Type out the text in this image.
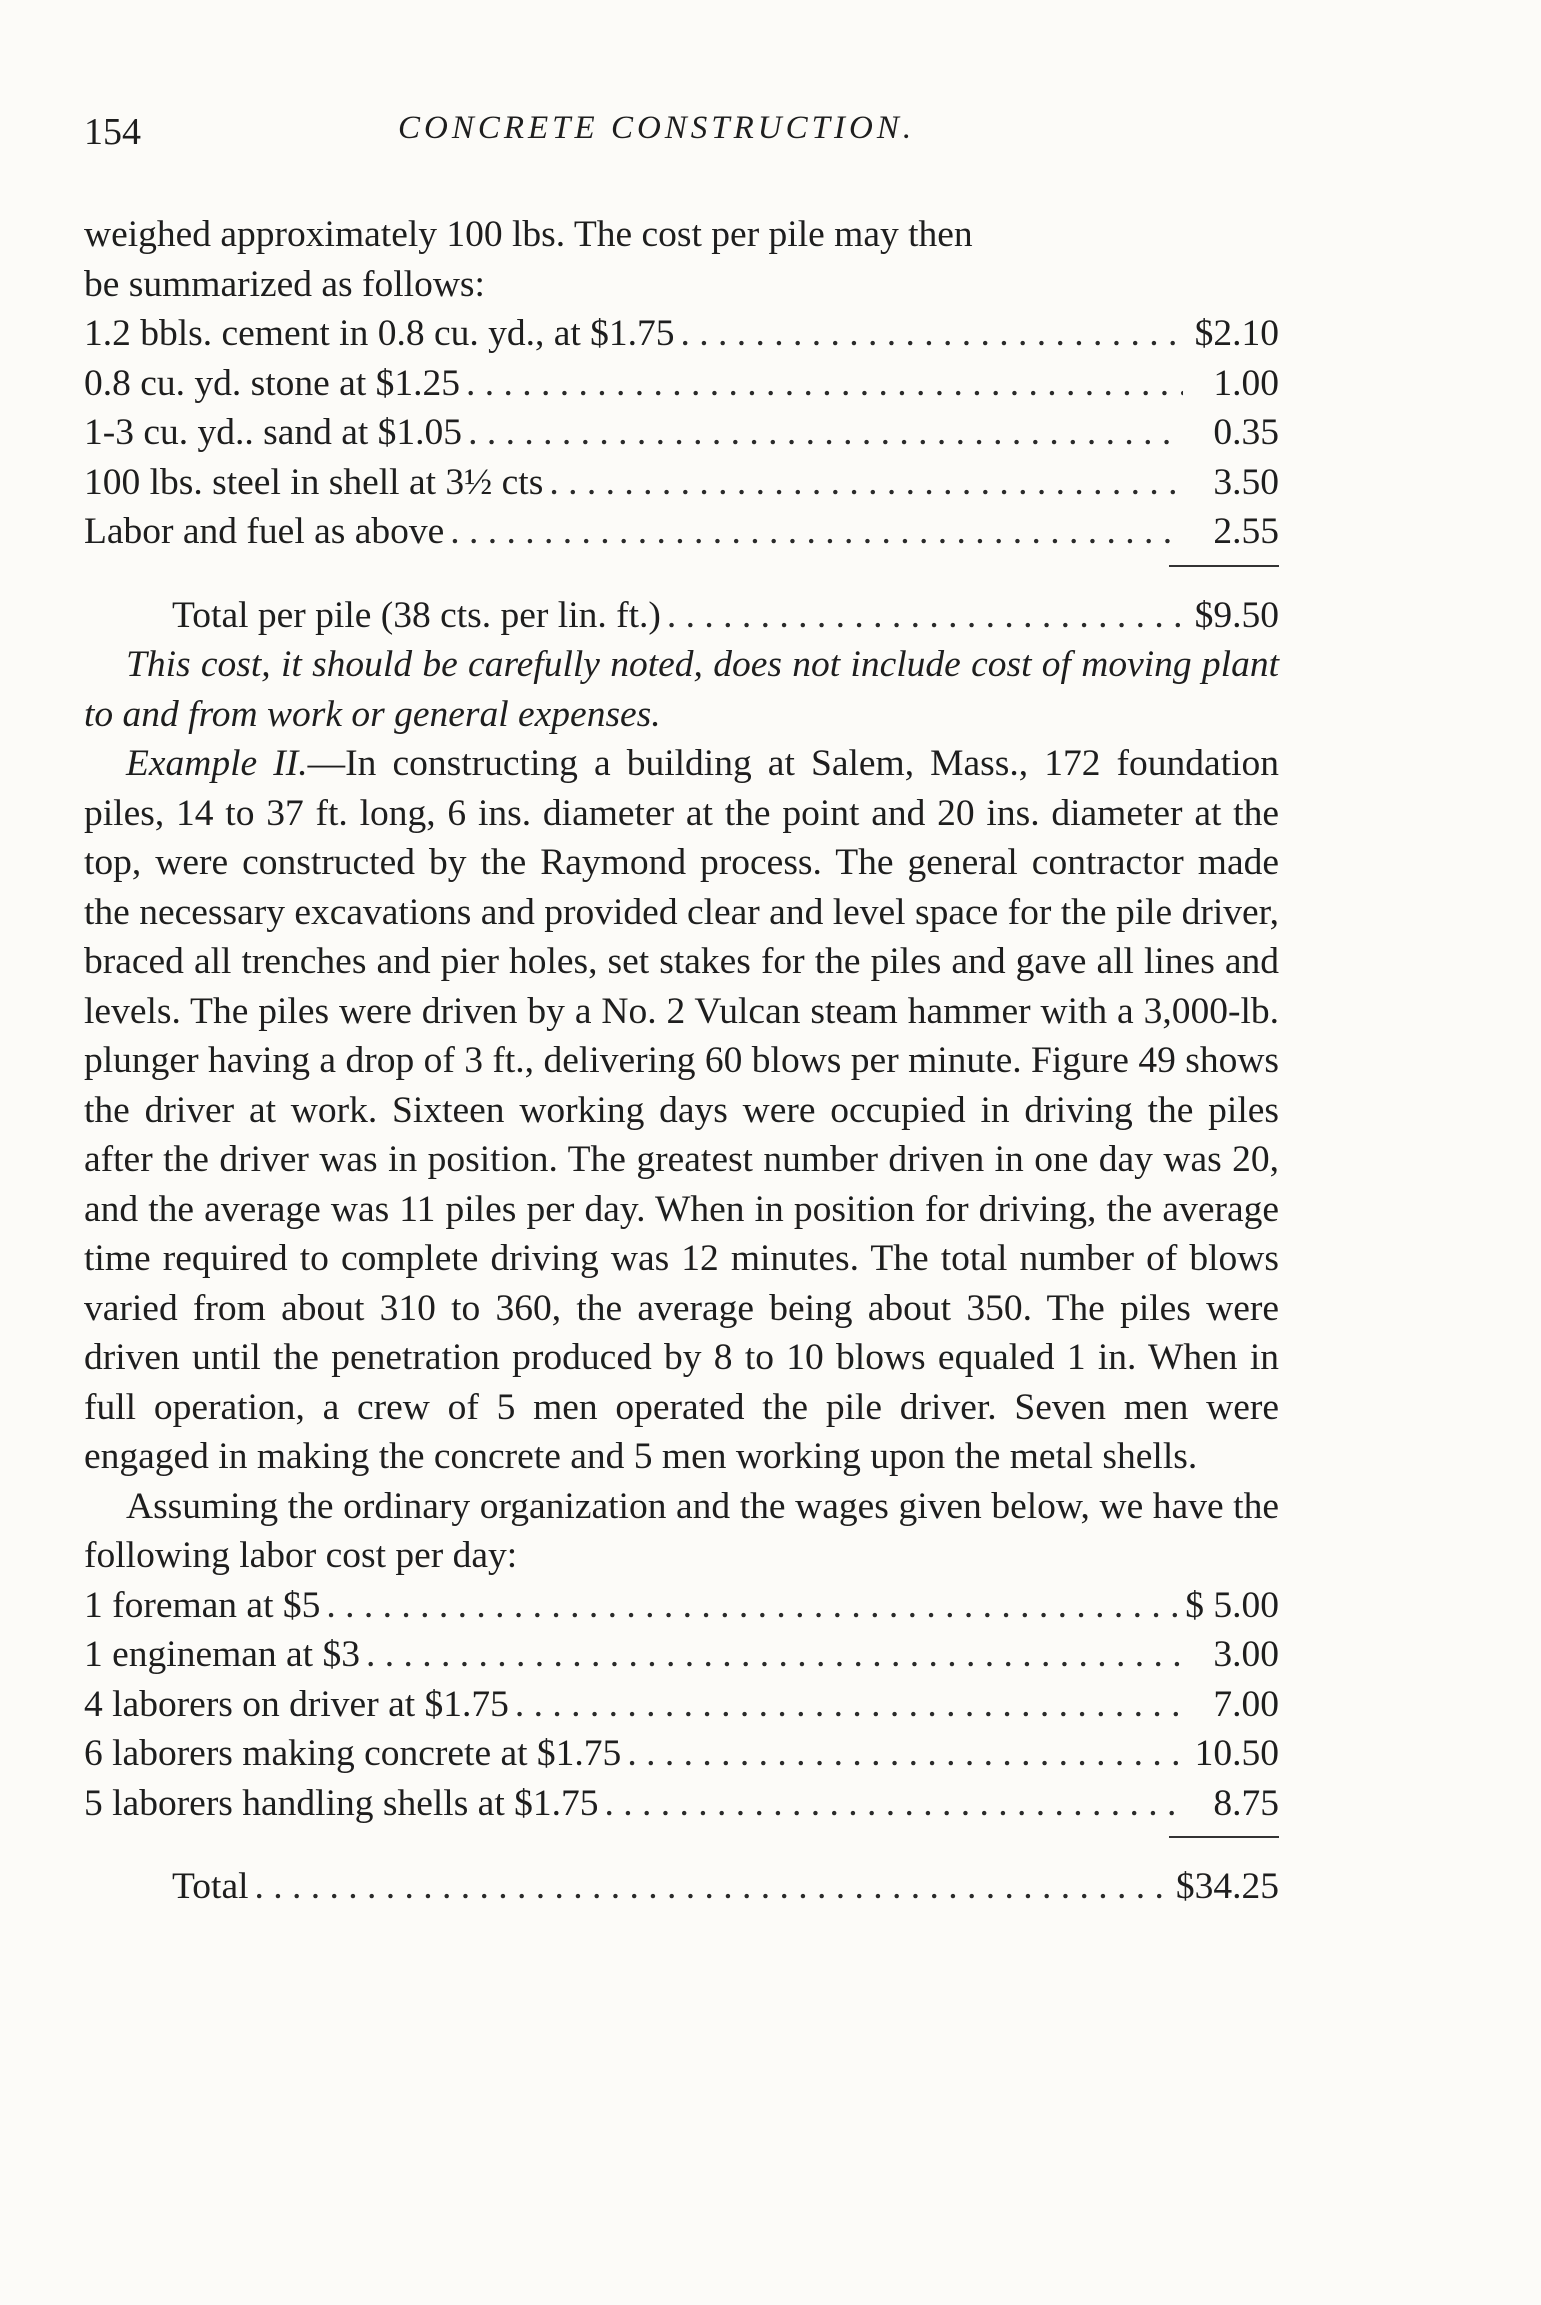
154	CONCRETE CONSTRUCTION.

weighed approximately 100 lbs. The cost per pile may then

be summarized as follows:

1.2 bbls. cement in 0.8 cu. yd., at $1.75 . . .	$2.10
0.8 cu. yd. stone at $1.25 . . .	1.00
1-3 cu. yd.. sand at $1.05 . . .	0.35
100 lbs. steel in shell at 3½ cts . . .	3.50
Labor and fuel as above . . .	2.55
Total per pile (38 cts. per lin. ft.) . . .	$9.50

This cost, it should be carefully noted, does not include cost of moving plant to and from work or general expenses.

Example II.—In constructing a building at Salem, Mass., 172 foundation piles, 14 to 37 ft. long, 6 ins. diameter at the point and 20 ins. diameter at the top, were constructed by the Raymond process. The general contractor made the necessary excavations and provided clear and level space for the pile driver, braced all trenches and pier holes, set stakes for the piles and gave all lines and levels. The piles were driven by a No. 2 Vulcan steam hammer with a 3,000-lb. plunger having a drop of 3 ft., delivering 60 blows per minute. Figure 49 shows the driver at work. Sixteen working days were occupied in driving the piles after the driver was in position. The greatest number driven in one day was 20, and the average was 11 piles per day. When in position for driving, the average time required to complete driving was 12 minutes. The total number of blows varied from about 310 to 360, the average being about 350. The piles were driven until the penetration produced by 8 to 10 blows equaled 1 in. When in full operation, a crew of 5 men operated the pile driver. Seven men were engaged in making the concrete and 5 men working upon the metal shells.

Assuming the ordinary organization and the wages given below, we have the following labor cost per day:

1 foreman at $5 . . .	$ 5.00
1 engineman at $3 . . .	3.00
4 laborers on driver at $1.75 . . .	7.00
6 laborers making concrete at $1.75 . . .	10.50
5 laborers handling shells at $1.75 . . .	8.75
Total . . .	$34.25
